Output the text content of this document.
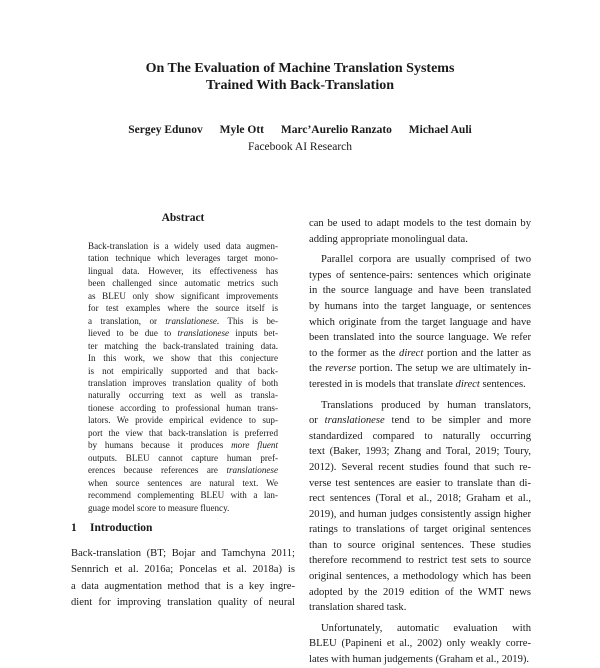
On The Evaluation of Machine Translation Systems
Trained With Back-Translation
Sergey Edunov Myle Ott Marc’Aurelio Ranzato Michael Auli
Facebook AI Research
Abstract
Back-translation is a widely used data augmen-
tation technique which leverages target mono-
lingual data. However, its effectiveness has
been challenged since automatic metrics such
as BLEU only show significant improvements
for test examples where the source itself is
a translation, or translationese. This is be-
lieved to be due to translationese inputs bet-
ter matching the back-translated training data.
In this work, we show that this conjecture
is not empirically supported and that back-
translation improves translation quality of both
naturally occurring text as well as transla-
tionese according to professional human trans-
lators. We provide empirical evidence to sup-
port the view that back-translation is preferred
by humans because it produces more fluent
outputs. BLEU cannot capture human pref-
erences because references are translationese
when source sentences are natural text. We
recommend complementing BLEU with a lan-
guage model score to measure fluency.
1 Introduction
Back-translation (BT; Bojar and Tamchyna 2011;
Sennrich et al. 2016a; Poncelas et al. 2018a) is
a data augmentation method that is a key ingre-
dient for improving translation quality of neural
can be used to adapt models to the test domain by
adding appropriate monolingual data.
Parallel corpora are usually comprised of two
types of sentence-pairs: sentences which originate
in the source language and have been translated
by humans into the target language, or sentences
which originate from the target language and have
been translated into the source language. We refer
to the former as the direct portion and the latter as
the reverse portion. The setup we are ultimately in-
terested in is models that translate direct sentences.
Translations produced by human translators,
or translationese tend to be simpler and more
standardized compared to naturally occurring
text (Baker, 1993; Zhang and Toral, 2019; Toury,
2012). Several recent studies found that such re-
verse test sentences are easier to translate than di-
rect sentences (Toral et al., 2018; Graham et al.,
2019), and human judges consistently assign higher
ratings to translations of target original sentences
than to source original sentences. These studies
therefore recommend to restrict test sets to source
original sentences, a methodology which has been
adopted by the 2019 edition of the WMT news
translation shared task.
Unfortunately, automatic evaluation with
BLEU (Papineni et al., 2002) only weakly corre-
lates with human judgements (Graham et al., 2019).
